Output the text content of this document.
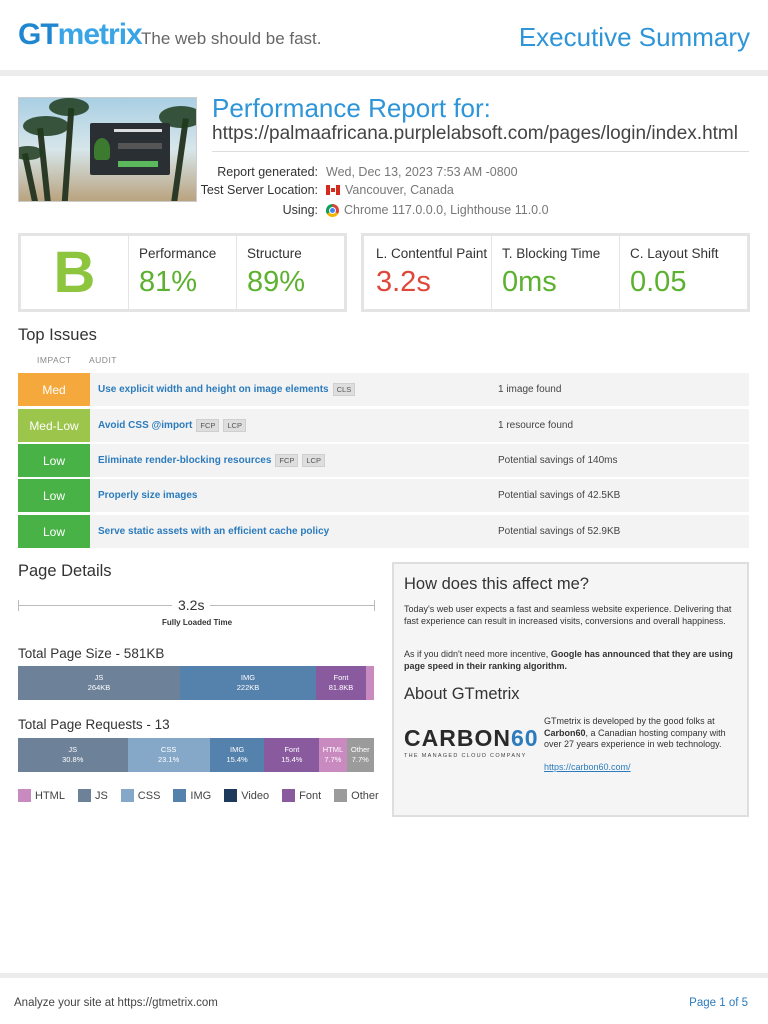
GTmetrix The web should be fast.	Executive Summary
Performance Report for:
https://palmaafricana.purplelabsoft.com/pages/login/index.html
Report generated: Wed, Dec 13, 2023 7:53 AM -0800
Test Server Location: Vancouver, Canada
Using: Chrome 117.0.0.0, Lighthouse 11.0.0
B	Performance
81%
Structure
89%
L. Contentful Paint
3.2s
T. Blocking Time
0ms
C. Layout Shift
0.05
Top Issues
IMPACT AUDIT
Med	Use explicit width and height on image elements	CLS	1 image found
Med-Low	Avoid CSS @import	FCP	LCP	1 resource found
Low	Eliminate render-blocking resources	FCP	LCP	Potential savings of 140ms
Low	Properly size images	Potential savings of 42.5KB
Low	Serve static assets with an efficient cache policy	Potential savings of 52.9KB
Page Details
3.2s
Fully Loaded Time
Total Page Size - 581KB
JS
264KB
IMG
222KB
Font
81.8KB
Total Page Requests - 13
JS
30.8%
CSS
23.1%
IMG
15.4%
Font
15.4%
HTML
7.7%
Other
7.7%
HTML	JS	CSS	IMG	Video	Font	Other
How does this affect me?
Today's web user expects a fast and seamless website experience. Delivering that fast experience can result in increased visits, conversions and overall happiness.
As if you didn't need more incentive, Google has announced that they are using page speed in their ranking algorithm.
About GTmetrix
CARBON60
THE MANAGED CLOUD COMPANY
GTmetrix is developed by the good folks at Carbon60, a Canadian hosting company with over 27 years experience in web technology.
https://carbon60.com/
Analyze your site at https://gtmetrix.com	Page 1 of 5
